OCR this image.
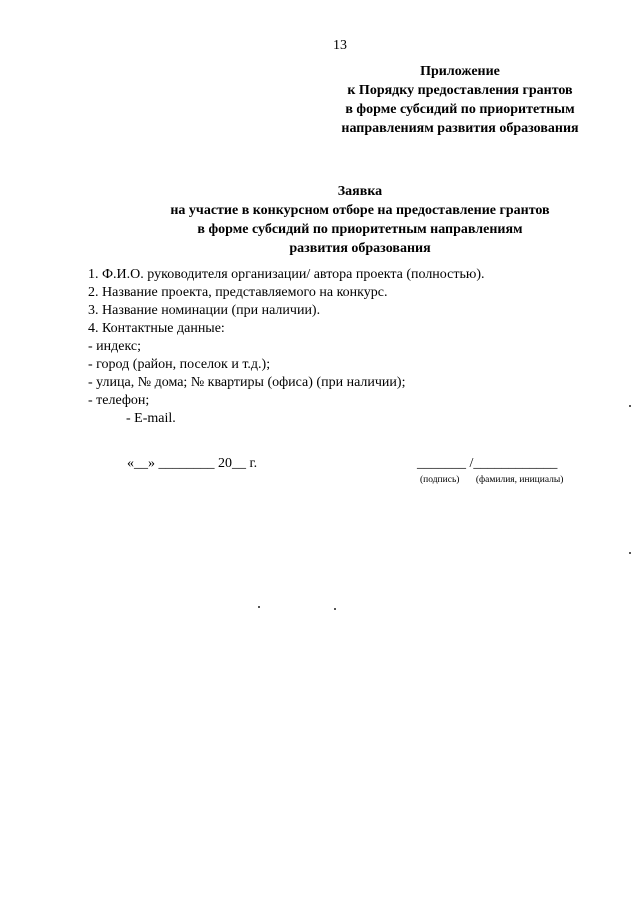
13
Приложение
к Порядку предоставления грантов
в форме субсидий по приоритетным
направлениям развития образования
Заявка
на участие в конкурсном отборе на предоставление грантов
в форме субсидий по приоритетным направлениям
развития образования
1. Ф.И.О. руководителя организации/ автора проекта (полностью).
2. Название проекта, представляемого на конкурс.
3. Название номинации (при наличии).
4. Контактные данные:
- индекс;
- город (район, поселок и т.д.);
- улица, № дома; № квартиры (офиса) (при наличии);
- телефон;
- E-mail.
«__» ________ 20__ г.	_______ /____________
(подпись) (фамилия, инициалы)
